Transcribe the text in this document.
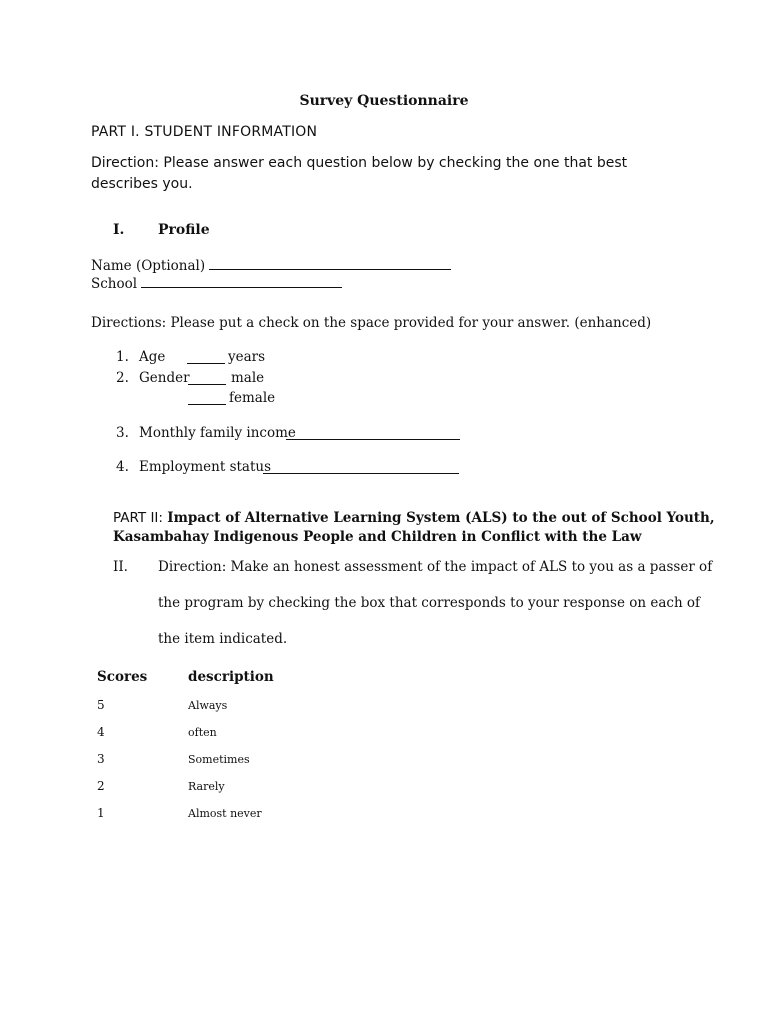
Survey Questionnaire
PART I. STUDENT INFORMATION
Direction: Please answer each question below by checking the one that best describes you.
I. Profile
Name (Optional)
School
Directions: Please put a check on the space provided for your answer. (enhanced)
1. Age	years
2. Gender	male
female
3. Monthly family income
4. Employment status
PART II: Impact of Alternative Learning System (ALS) to the out of School Youth,
Kasambahay Indigenous People and Children in Conflict with the Law
II. Direction: Make an honest assessment of the impact of ALS to you as a passer of
the program by checking the box that corresponds to your response on each of
the item indicated.
Scores	description
5	Always
4	often
3	Sometimes
2	Rarely
1	Almost never
